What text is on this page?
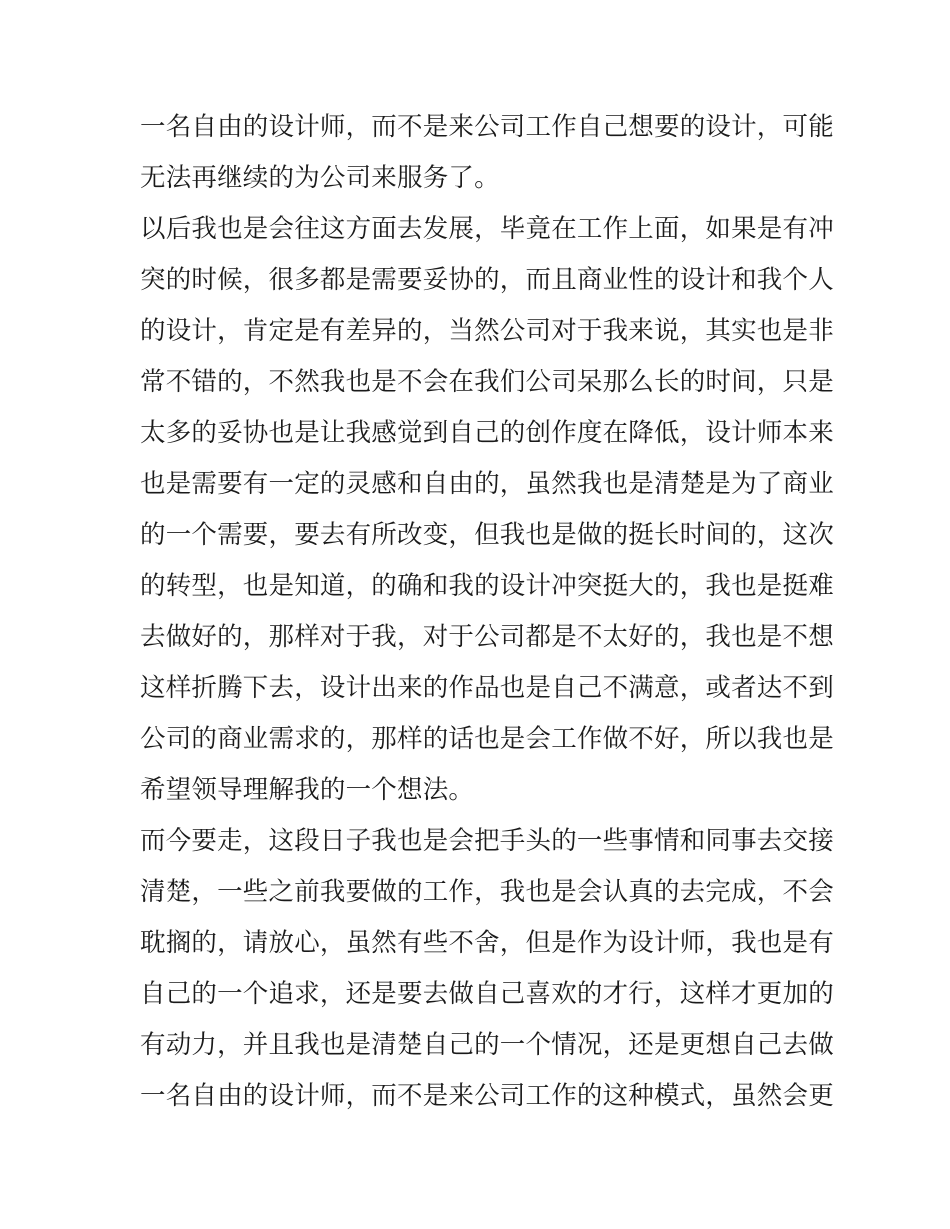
一名自由的设计师，而不是来公司工作自己想要的设计，可能
无法再继续的为公司来服务了。
以后我也是会往这方面去发展，毕竟在工作上面，如果是有冲
突的时候，很多都是需要妥协的，而且商业性的设计和我个人
的设计，肯定是有差异的，当然公司对于我来说，其实也是非
常不错的，不然我也是不会在我们公司呆那么长的时间，只是
太多的妥协也是让我感觉到自己的创作度在降低，设计师本来
也是需要有一定的灵感和自由的，虽然我也是清楚是为了商业
的一个需要，要去有所改变，但我也是做的挺长时间的，这次
的转型，也是知道，的确和我的设计冲突挺大的，我也是挺难
去做好的，那样对于我，对于公司都是不太好的，我也是不想
这样折腾下去，设计出来的作品也是自己不满意，或者达不到
公司的商业需求的，那样的话也是会工作做不好，所以我也是
希望领导理解我的一个想法。
而今要走，这段日子我也是会把手头的一些事情和同事去交接
清楚，一些之前我要做的工作，我也是会认真的去完成，不会
耽搁的，请放心，虽然有些不舍，但是作为设计师，我也是有
自己的一个追求，还是要去做自己喜欢的才行，这样才更加的
有动力，并且我也是清楚自己的一个情况，还是更想自己去做
一名自由的设计师，而不是来公司工作的这种模式，虽然会更
